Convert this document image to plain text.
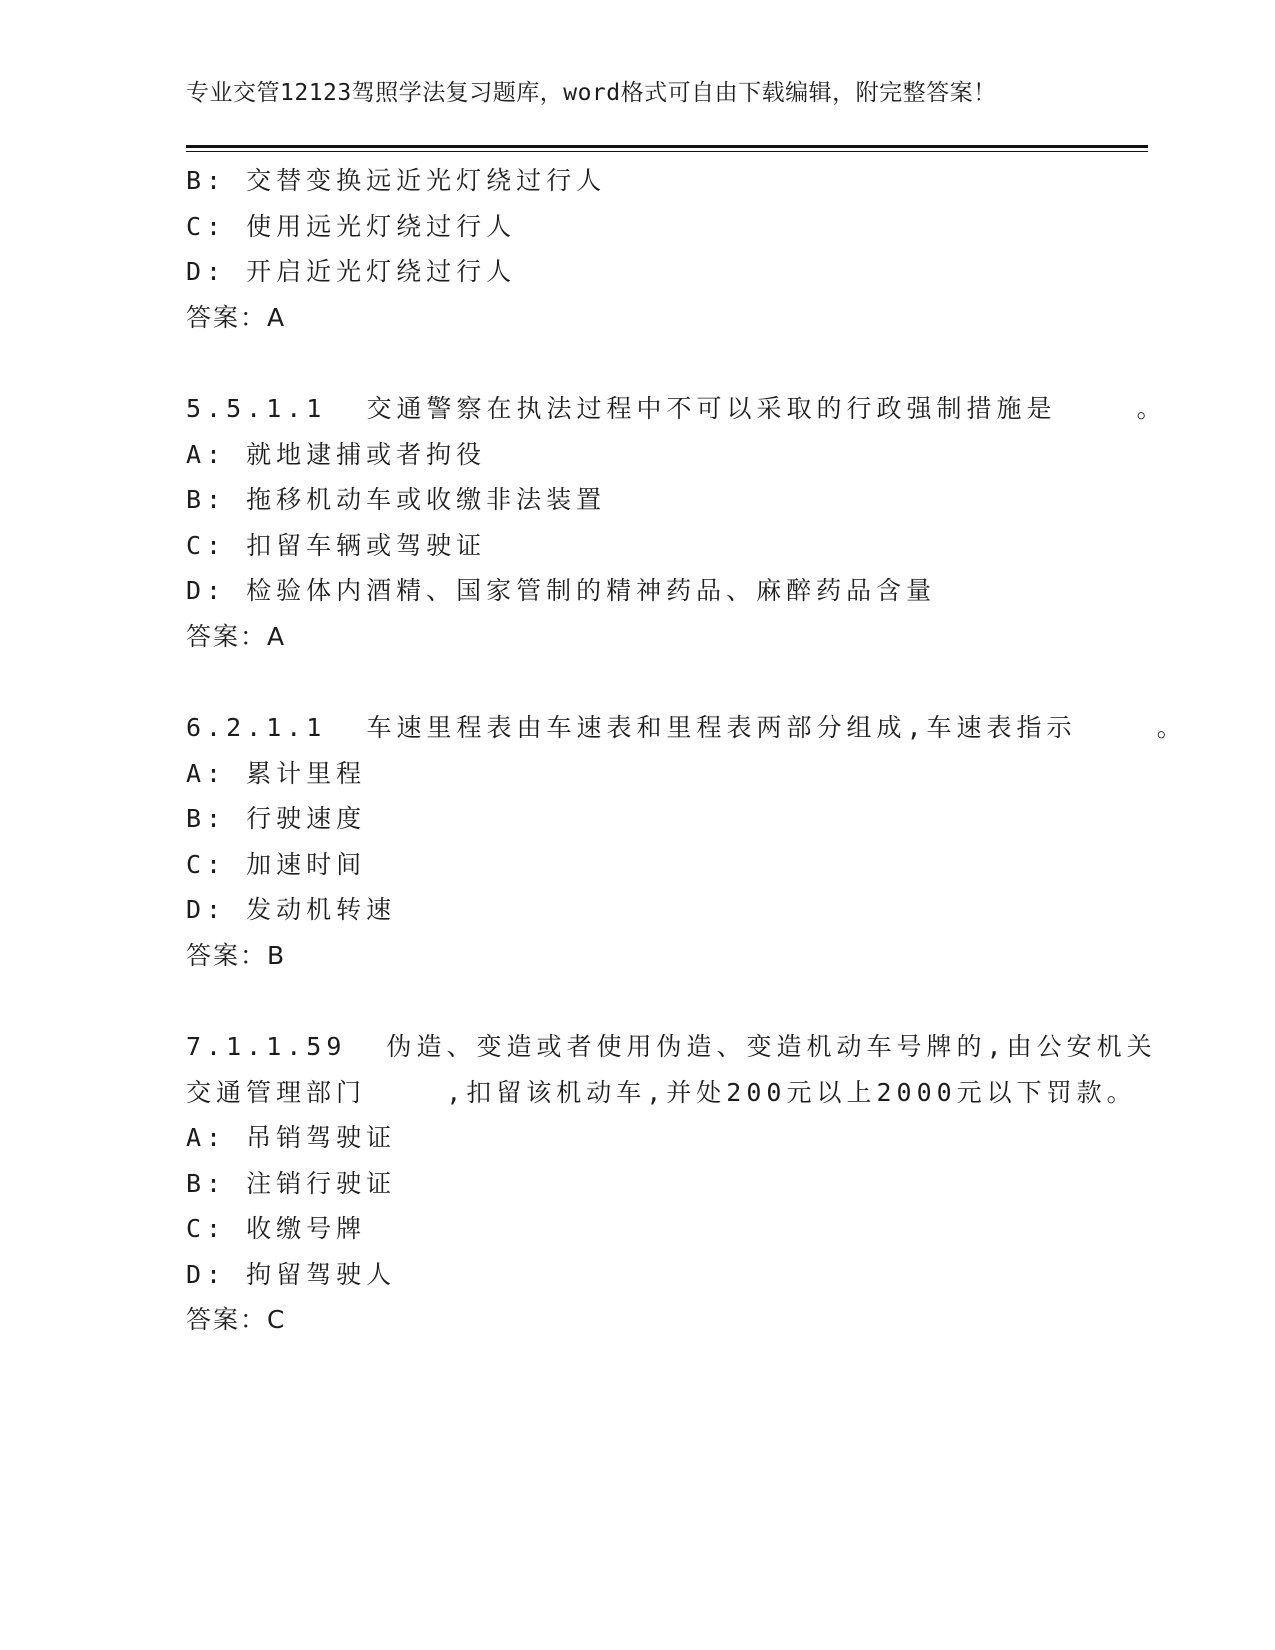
专业交管12123驾照学法复习题库，word格式可自由下载编辑，附完整答案！
B: 交替变换远近光灯绕过行人
C: 使用远光灯绕过行人
D: 开启近光灯绕过行人
答案：A
5.5.1.1  交通警察在执法过程中不可以采取的行政强制措施是    。
A: 就地逮捕或者拘役
B: 拖移机动车或收缴非法装置
C: 扣留车辆或驾驶证
D: 检验体内酒精、国家管制的精神药品、麻醉药品含量
答案：A
6.2.1.1  车速里程表由车速表和里程表两部分组成,车速表指示    。
A: 累计里程
B: 行驶速度
C: 加速时间
D: 发动机转速
答案：B
7.1.1.59  伪造、变造或者使用伪造、变造机动车号牌的,由公安机关
交通管理部门    ,扣留该机动车,并处200元以上2000元以下罚款。
A: 吊销驾驶证
B: 注销行驶证
C: 收缴号牌
D: 拘留驾驶人
答案：C
